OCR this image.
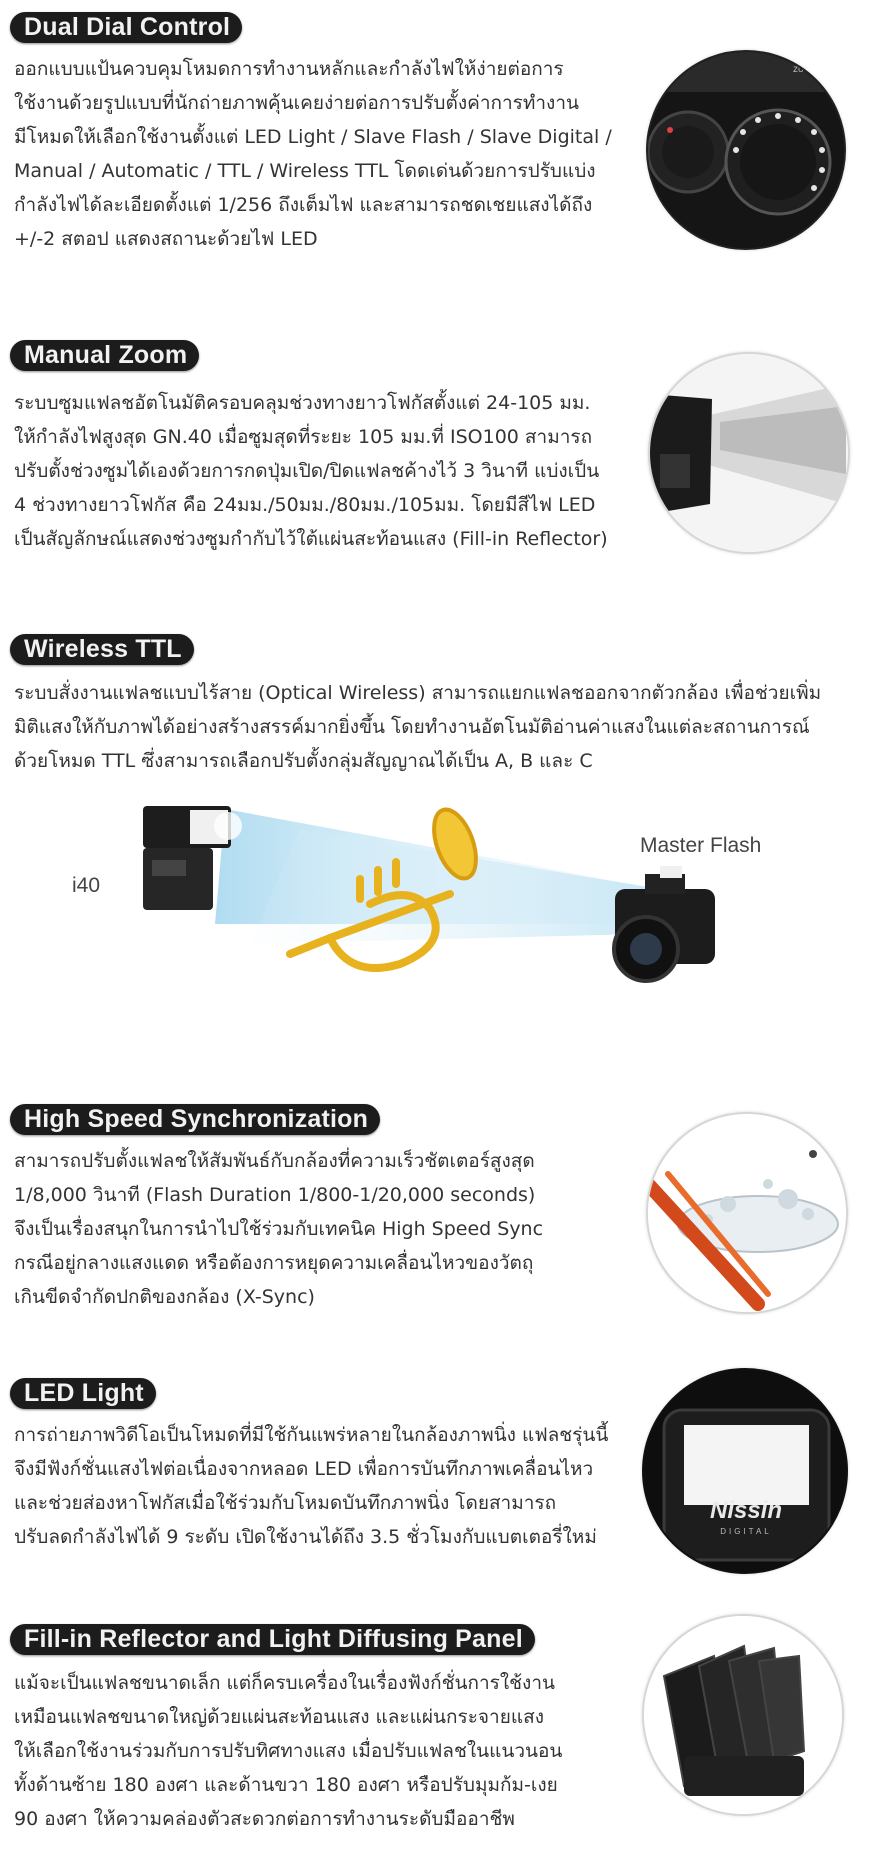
Dual Dial Control
ออกแบบแป้นควบคุมโหมดการทำงานหลักและกำลังไฟให้ง่ายต่อการ
ใช้งานด้วยรูปแบบที่นักถ่ายภาพคุ้นเคยง่ายต่อการปรับตั้งค่าการทำงาน
มีโหมดให้เลือกใช้งานตั้งแต่ LED Light / Slave Flash / Slave Digital /
Manual / Automatic / TTL / Wireless TTL โดดเด่นด้วยการปรับแบ่ง
กำลังไฟได้ละเอียดตั้งแต่ 1/256 ถึงเต็มไฟ และสามารถชดเชยแสงได้ถึง
+/-2 สตอป แสดงสถานะด้วยไฟ LED
zoom
Manual Zoom
ระบบซูมแฟลชอัตโนมัติครอบคลุมช่วงทางยาวโฟกัสตั้งแต่ 24-105 มม.
ให้กำลังไฟสูงสุด GN.40 เมื่อซูมสุดที่ระยะ 105 มม.ที่ ISO100 สามารถ
ปรับตั้งช่วงซูมได้เองด้วยการกดปุ่มเปิด/ปิดแฟลชค้างไว้ 3 วินาที แบ่งเป็น
4 ช่วงทางยาวโฟกัส คือ 24มม./50มม./80มม./105มม. โดยมีสีไฟ LED
เป็นสัญลักษณ์แสดงช่วงซูมกำกับไว้ใต้แผ่นสะท้อนแสง (Fill-in Reflector)
Wireless TTL
ระบบสั่งงานแฟลชแบบไร้สาย (Optical Wireless) สามารถแยกแฟลชออกจากตัวกล้อง เพื่อช่วยเพิ่ม
มิติแสงให้กับภาพได้อย่างสร้างสรรค์มากยิ่งขึ้น โดยทำงานอัตโนมัติอ่านค่าแสงในแต่ละสถานการณ์
ด้วยโหมด TTL ซึ่งสามารถเลือกปรับตั้งกลุ่มสัญญาณได้เป็น A, B และ C
i40
Master Flash
High Speed Synchronization
สามารถปรับตั้งแฟลชให้สัมพันธ์กับกล้องที่ความเร็วชัตเตอร์สูงสุด
1/8,000 วินาที (Flash Duration 1/800-1/20,000 seconds)
จึงเป็นเรื่องสนุกในการนำไปใช้ร่วมกับเทคนิค High Speed Sync
กรณีอยู่กลางแสงแดด หรือต้องการหยุดความเคลื่อนไหวของวัตถุ
เกินขีดจำกัดปกติของกล้อง (X-Sync)
LED Light
การถ่ายภาพวิดีโอเป็นโหมดที่มีใช้กันแพร่หลายในกล้องภาพนิ่ง แฟลชรุ่นนี้
จึงมีฟังก์ชั่นแสงไฟต่อเนื่องจากหลอด LED เพื่อการบันทึกภาพเคลื่อนไหว
และช่วยส่องหาโฟกัสเมื่อใช้ร่วมกับโหมดบันทึกภาพนิ่ง โดยสามารถ
ปรับลดกำลังไฟได้ 9 ระดับ เปิดใช้งานได้ถึง 3.5 ชั่วโมงกับแบตเตอรี่ใหม่
Nissin
DIGITAL
Fill-in Reflector and Light Diffusing Panel
แม้จะเป็นแฟลชขนาดเล็ก แต่ก็ครบเครื่องในเรื่องฟังก์ชั่นการใช้งาน
เหมือนแฟลชขนาดใหญ่ด้วยแผ่นสะท้อนแสง และแผ่นกระจายแสง
ให้เลือกใช้งานร่วมกับการปรับทิศทางแสง เมื่อปรับแฟลชในแนวนอน
ทั้งด้านซ้าย 180 องศา และด้านขวา 180 องศา หรือปรับมุมก้ม-เงย
90 องศา ให้ความคล่องตัวสะดวกต่อการทำงานระดับมืออาชีพ
